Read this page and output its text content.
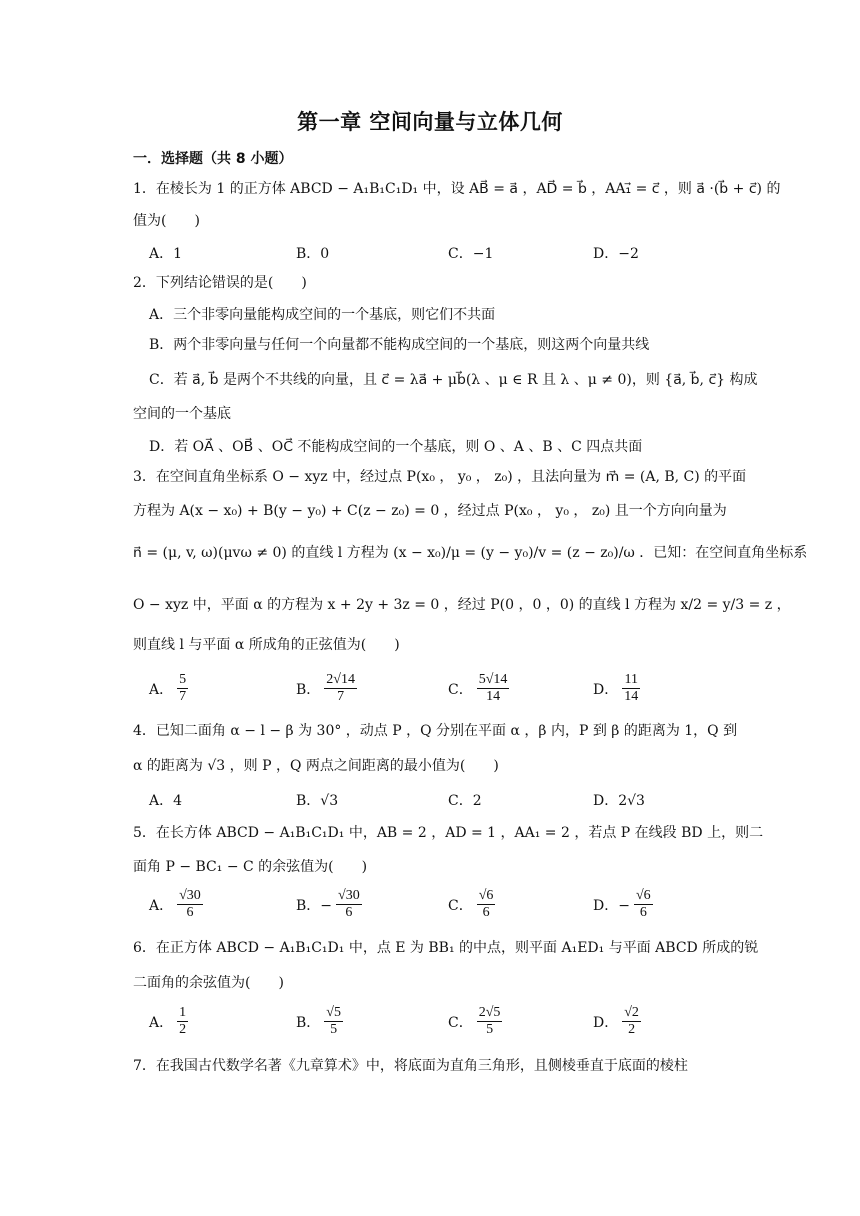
第一章 空间向量与立体几何
一．选择题（共 8 小题）
1．在棱长为 1 的正方体 ABCD − A₁B₁C₁D₁ 中，设 AB⃗ = a⃗ ，AD⃗ = b⃗ ，AA₁⃗ = c⃗ ，则 a⃗ ·(b⃗ + c⃗) 的
值为(　　)
A．1	B．0	C．−1	D．−2
2．下列结论错误的是(　　)
A．三个非零向量能构成空间的一个基底，则它们不共面
B．两个非零向量与任何一个向量都不能构成空间的一个基底，则这两个向量共线
C．若 a⃗, b⃗ 是两个不共线的向量，且 c⃗ = λa⃗ + μb⃗(λ 、μ ∈ R 且 λ 、μ ≠ 0)，则 {a⃗, b⃗, c⃗} 构成
空间的一个基底
D．若 OA⃗ 、OB⃗ 、OC⃗ 不能构成空间的一个基底，则 O 、A 、B 、C 四点共面
3．在空间直角坐标系 O − xyz 中，经过点 P(x₀ ， y₀ ， z₀) ，且法向量为 m⃗ = (A, B, C) 的平面
方程为 A(x − x₀) + B(y − y₀) + C(z − z₀) = 0 ，经过点 P(x₀ ， y₀ ， z₀) 且一个方向向量为
n⃗ = (μ, v, ω)(μvω ≠ 0) 的直线 l 方程为 (x − x₀)/μ = (y − y₀)/v = (z − z₀)/ω ．已知：在空间直角坐标系
O − xyz 中，平面 α 的方程为 x + 2y + 3z = 0 ，经过 P(0 ，0 ，0) 的直线 l 方程为 x/2 = y/3 = z ，
则直线 l 与平面 α 所成角的正弦值为(　　)
A． $\frac{5}{7}$	B． $\frac{2√14}{7}$	C． $\frac{5√14}{14}$	D． $\frac{11}{14}$
4．已知二面角 α − l − β 为 30° ，动点 P ，Q 分别在平面 α ，β 内，P 到 β 的距离为 1，Q 到
α 的距离为 √3 ，则 P ，Q 两点之间距离的最小值为(　　)
A．4	B．√3	C．2	D．2√3
5．在长方体 ABCD − A₁B₁C₁D₁ 中，AB = 2 ，AD = 1 ，AA₁ = 2 ，若点 P 在线段 BD 上，则二
面角 P − BC₁ − C 的余弦值为(　　)
A． $\frac{√30}{6}$	B．− $\frac{√30}{6}$	C． $\frac{√6}{6}$	D．− $\frac{√6}{6}$
6．在正方体 ABCD − A₁B₁C₁D₁ 中，点 E 为 BB₁ 的中点，则平面 A₁ED₁ 与平面 ABCD 所成的锐
二面角的余弦值为(　　)
A． $\frac{1}{2}$	B． $\frac{√5}{5}$	C． $\frac{2√5}{5}$	D． $\frac{√2}{2}$
7．在我国古代数学名著《九章算术》中，将底面为直角三角形，且侧棱垂直于底面的棱柱
